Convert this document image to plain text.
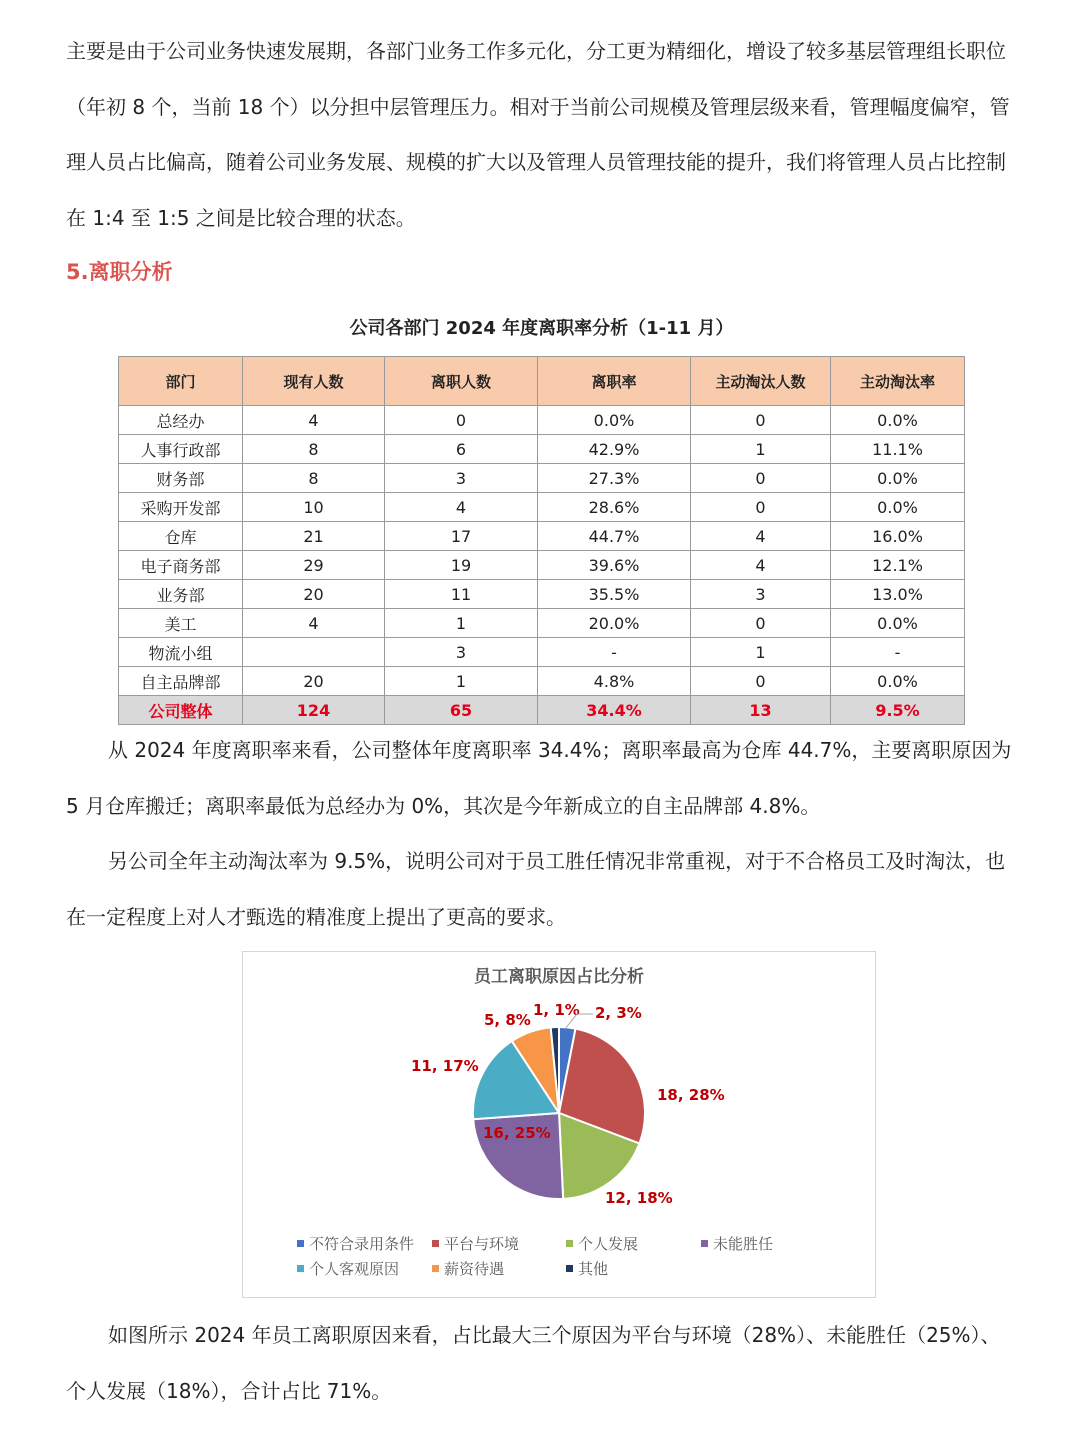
主要是由于公司业务快速发展期，各部门业务工作多元化，分工更为精细化，增设了较多基层管理组长职位（年初 8 个，当前 18 个）以分担中层管理压力。相对于当前公司规模及管理层级来看，管理幅度偏窄，管理人员占比偏高，随着公司业务发展、规模的扩大以及管理人员管理技能的提升，我们将管理人员占比控制在 1:4 至 1:5 之间是比较合理的状态。

5.离职分析

公司各部门 2024 年度离职率分析（1-11 月）

部门	现有人数	离职人数	离职率	主动淘汰人数	主动淘汰率
总经办	4	0	0.0%	0	0.0%
人事行政部	8	6	42.9%	1	11.1%
财务部	8	3	27.3%	0	0.0%
采购开发部	10	4	28.6%	0	0.0%
仓库	21	17	44.7%	4	16.0%
电子商务部	29	19	39.6%	4	12.1%
业务部	20	11	35.5%	3	13.0%
美工	4	1	20.0%	0	0.0%
物流小组		3	-	1	-
自主品牌部	20	1	4.8%	0	0.0%
公司整体	124	65	34.4%	13	9.5%

从 2024 年度离职率来看，公司整体年度离职率 34.4%；离职率最高为仓库 44.7%，主要离职原因为 5 月仓库搬迁；离职率最低为总经办为 0%，其次是今年新成立的自主品牌部 4.8%。

另公司全年主动淘汰率为 9.5%，说明公司对于员工胜任情况非常重视，对于不合格员工及时淘汰，也在一定程度上对人才甄选的精准度上提出了更高的要求。

员工离职原因占比分析
2, 3%
18, 28%
12, 18%
16, 25%
11, 17%
5, 8%
1, 1%
不符合录用条件 平台与环境	个人发展	未能胜任
个人客观原因	薪资待遇	其他

如图所示 2024 年员工离职原因来看，占比最大三个原因为平台与环境（28%）、未能胜任（25%）、个人发展（18%），合计占比 71%。
